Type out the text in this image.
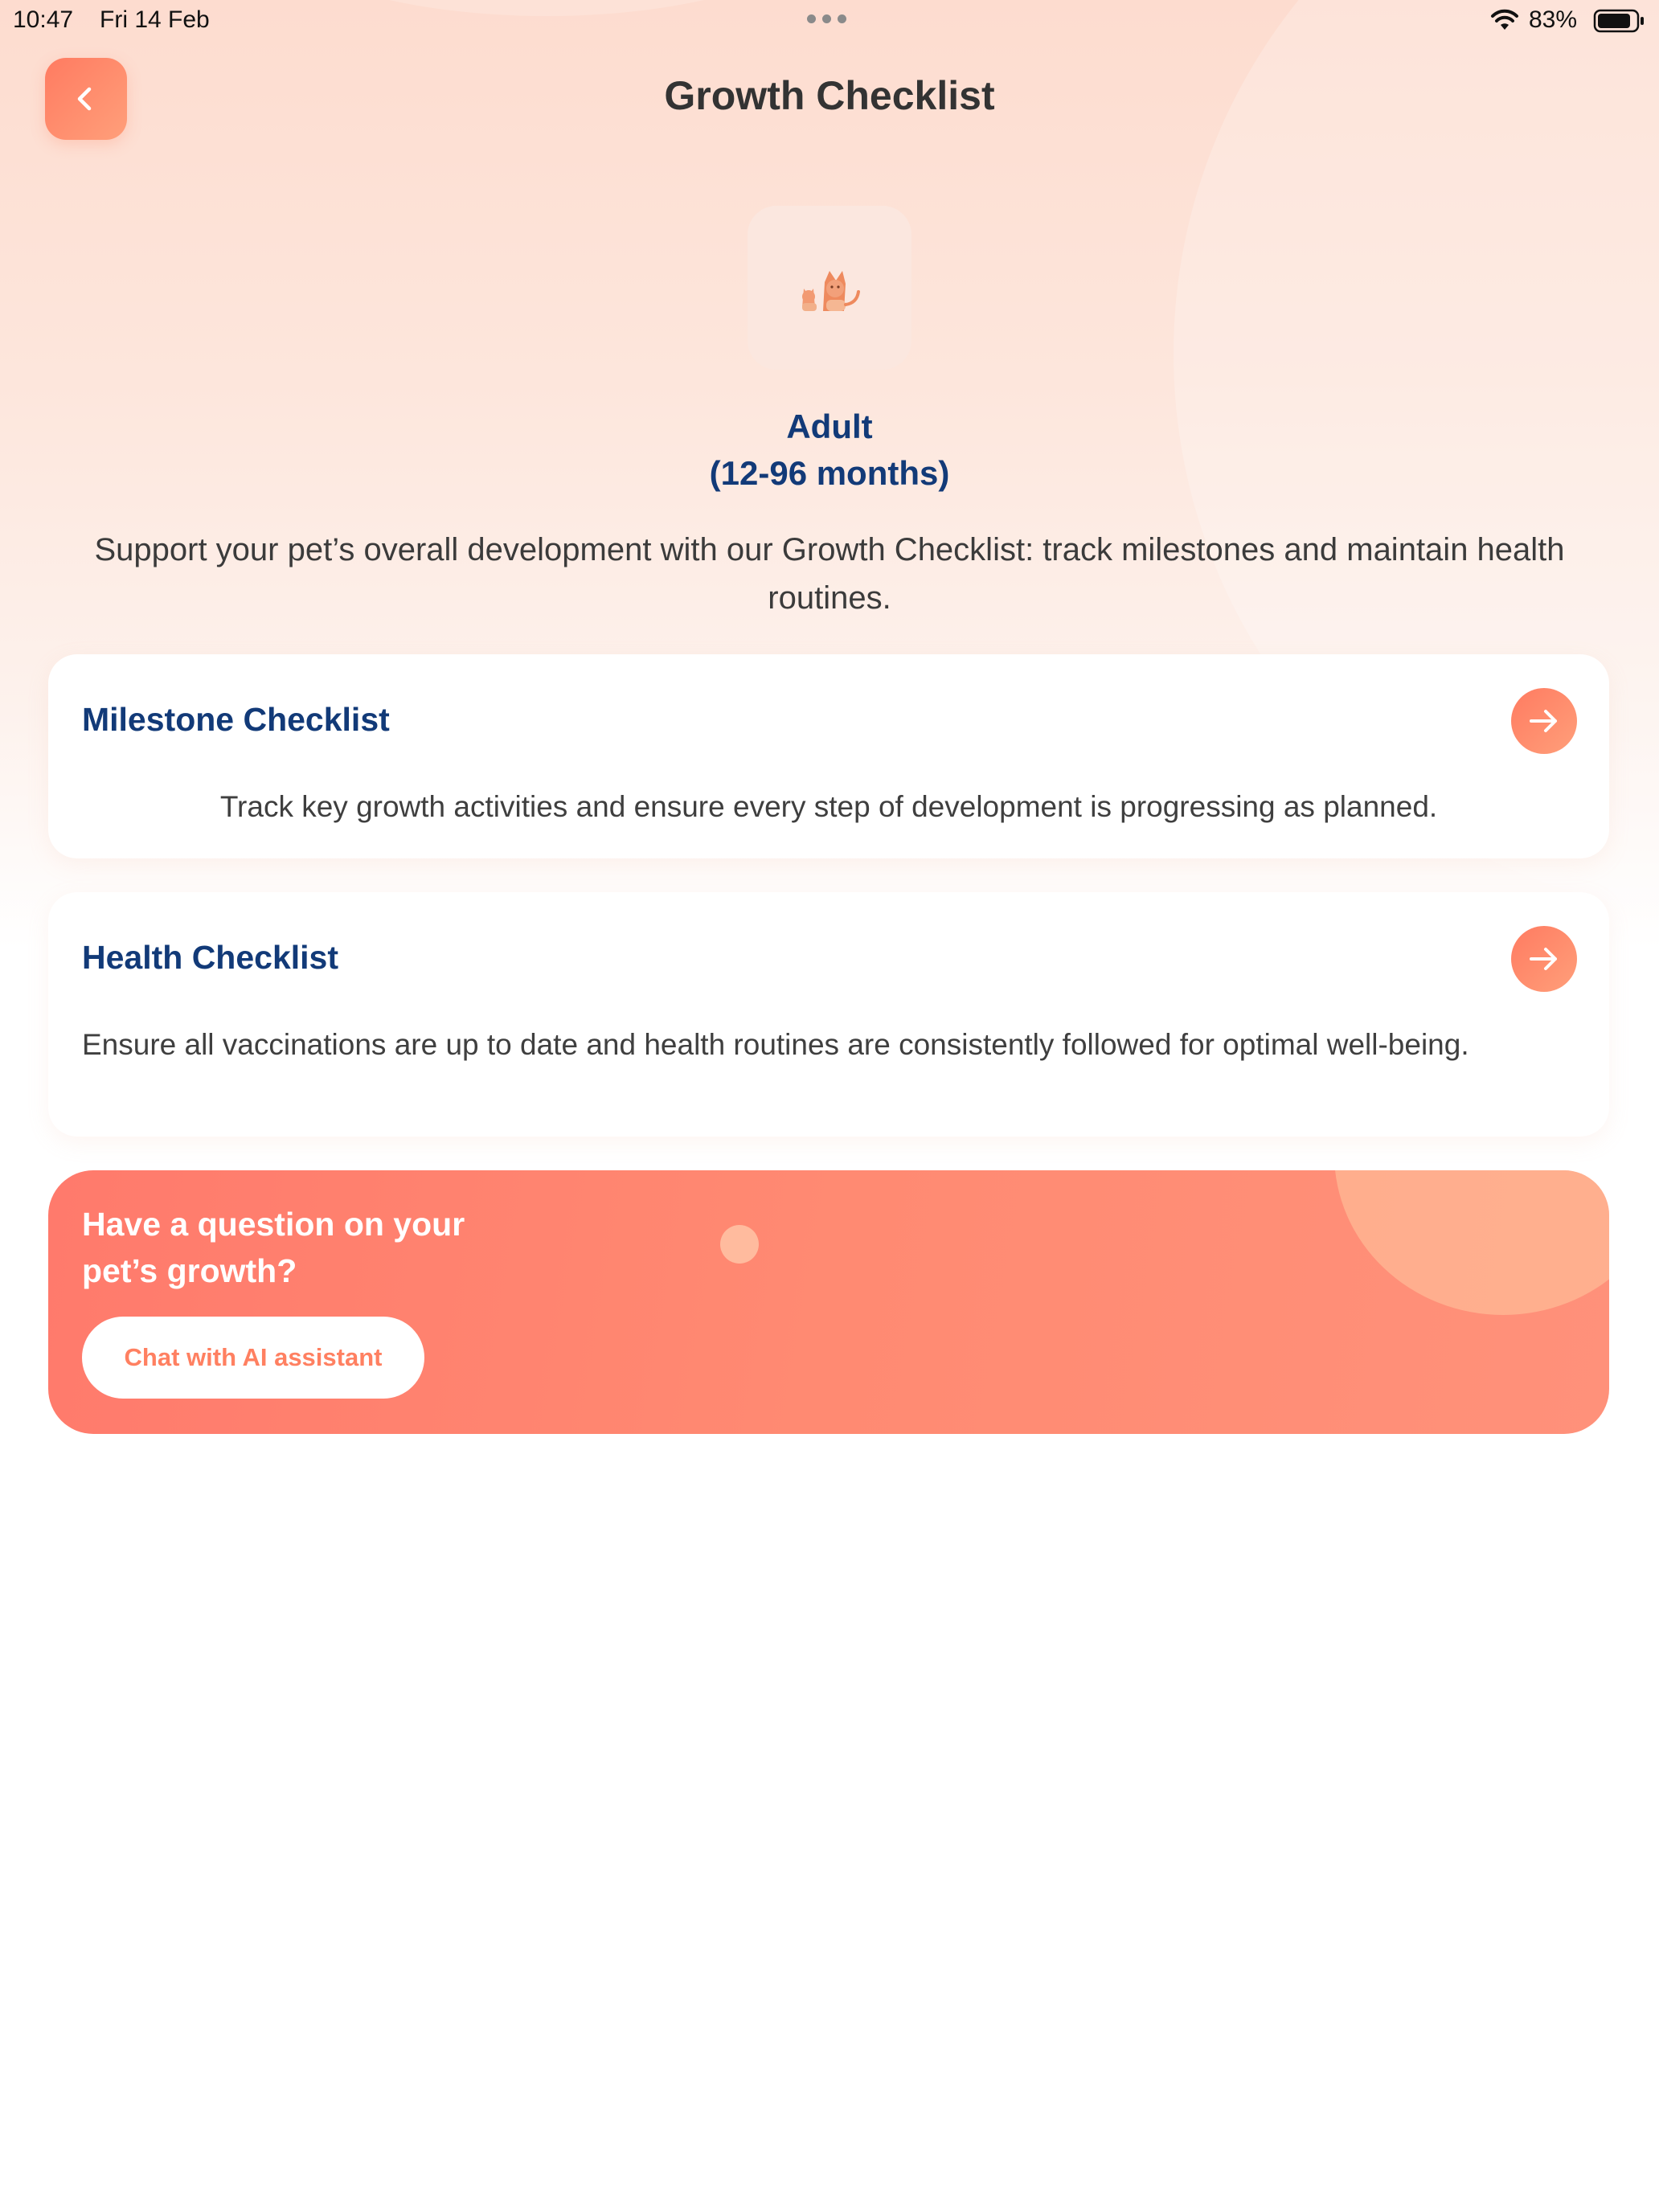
10:47 Fri 14 Feb	83%
Growth Checklist
Adult
(12-96 months)
Support your pet’s overall development with our Growth Checklist: track milestones and maintain health routines.
Milestone Checklist
Track key growth activities and ensure every step of development is progressing as planned.
Health Checklist
Ensure all vaccinations are up to date and health routines are consistently followed for optimal well-being.
Have a question on your pet’s growth?
Chat with AI assistant
